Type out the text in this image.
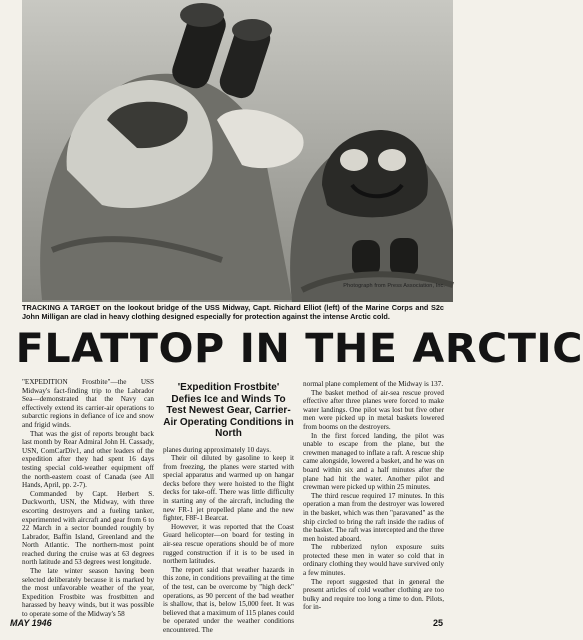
Photograph from Press Association, Inc.
TRACKING A TARGET on the lookout bridge of the USS Midway, Capt. Richard Elliot (left) of the Marine Corps and S2c John Milligan are clad in heavy clothing designed especially for protection against the intense Arctic cold.
FLATTOP IN THE ARCTIC

"EXPEDITION Frostbite"—the USS Midway's fact-finding trip to the Labrador Sea—demonstrated that the Navy can effectively extend its carrier-air operations to subarctic regions in defiance of ice and snow and frigid winds.

That was the gist of reports brought back last month by Rear Admiral John H. Cassady, USN, ComCarDiv1, and other leaders of the expedition after they had spent 16 days testing special cold-weather equipment off the north-eastern coast of Canada (see All Hands, April, pp. 2-7).

Commanded by Capt. Herbert S. Duckworth, USN, the Midway, with three escorting destroyers and a fueling tanker, experimented with aircraft and gear from 6 to 22 March in a sector bounded roughly by Labrador, Baffin Island, Greenland and the North Atlantic. The northern-most point reached during the cruise was at 63 degrees north latitude and 53 degrees west longitude.

The late winter season having been selected deliberately because it is marked by the most unfavorable weather of the year, Expedition Frostbite was frostbitten and harassed by heavy winds, but it was possible to operate some of the Midway's 58

'Expedition Frostbite' Defies Ice and Winds To Test Newest Gear, Carrier-Air Operating Conditions in North

planes during approximately 10 days.

Their oil diluted by gasoline to keep it from freezing, the planes were started with special apparatus and warmed up on hangar decks before they were hoisted to the flight decks for take-off. There was little difficulty in starting any of the aircraft, including the new FR-1 jet propelled plane and the new fighter, F8F-1 Bearcat.

However, it was reported that the Coast Guard helicopter—on board for testing in air-sea rescue operations should be of more rugged construction if it is to be used in northern latitudes.

The report said that weather hazards in this zone, in conditions prevailing at the time of the test, can be overcome by "high deck" operations, as 90 percent of the bad weather is shallow, that is, below 15,000 feet. It was believed that a maximum of 115 planes could be operated under the weather conditions encountered. The

normal plane complement of the Midway is 137.

The basket method of air-sea rescue proved effective after three planes were forced to make water landings. One pilot was lost but five other men were picked up in metal baskets lowered from booms on the destroyers.

In the first forced landing, the pilot was unable to escape from the plane, but the crewmen managed to inflate a raft. A rescue ship came alongside, lowered a basket, and he was on board within six and a half minutes after the plane had hit the water. Another pilot and crewman were picked up within 25 minutes.

The third rescue required 17 minutes. In this operation a man from the destroyer was lowered in the basket, which was then "paravaned" as the ship circled to bring the raft inside the radius of the basket. The raft was intercepted and the three men hoisted aboard.

The rubberized nylon exposure suits protected these men in water so cold that in ordinary clothing they would have survived only a few minutes.

The report suggested that in general the present articles of cold weather clothing are too bulky and require too long a time to don. Pilots, for in-

MAY 1946	25
